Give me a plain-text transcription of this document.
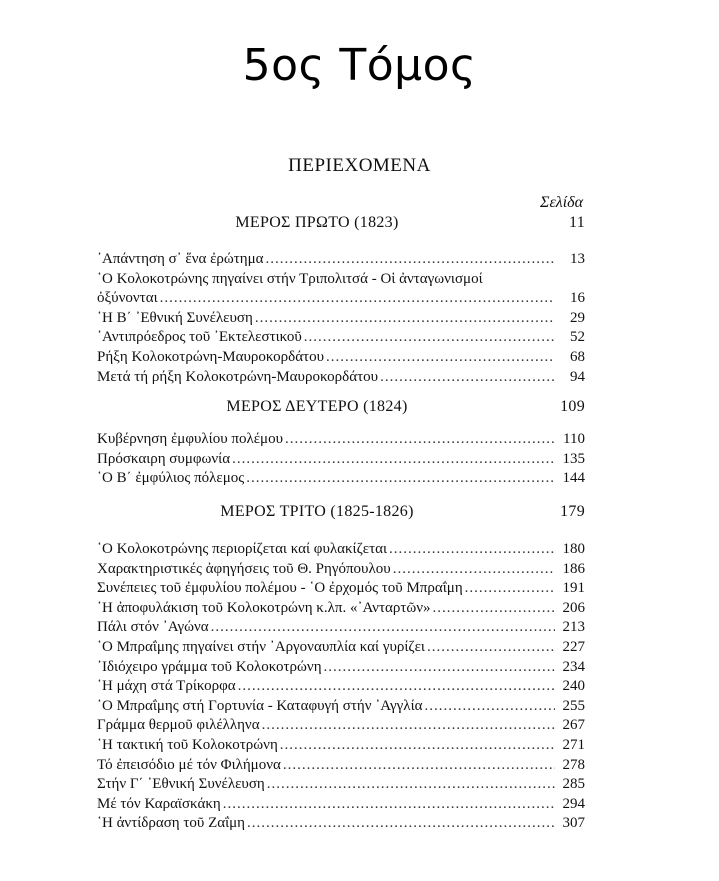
5ος Τόμος
ΠΕΡΙΕΧΟΜΕΝΑ
Σελίδα
ΜΕΡΟΣ ΠΡΩΤΟ (1823)	11
᾿Απάντηση σ᾿ ἕνα ἐρώτημα .....	13
῾Ο Κολοκοτρώνης πηγαίνει στήν Τριπολιτσά - Οἱ ἀνταγωνισμοί
ὀξύνονται .....	16
῾Η Β΄ ᾿Εθνική Συνέλευση .....	29
᾿Αντιπρόεδρος τοῦ ᾿Εκτελεστικοῦ .....	52
Ρήξη Κολοκοτρώνη-Μαυροκορδάτου .....	68
Μετά τή ρήξη Κολοκοτρώνη-Μαυροκορδάτου .....	94
ΜΕΡΟΣ ΔΕΥΤΕΡΟ (1824)	109
Κυβέρνηση ἐμφυλίου πολέμου .....	110
Πρόσκαιρη συμφωνία .....	135
῾Ο Β΄ ἐμφύλιος πόλεμος .....	144
ΜΕΡΟΣ ΤΡΙΤΟ (1825-1826)	179
῾Ο Κολοκοτρώνης περιορίζεται καί φυλακίζεται .....	180
Χαρακτηριστικές ἀφηγήσεις τοῦ Θ. Ρηγόπουλου .....	186
Συνέπειες τοῦ ἐμφυλίου πολέμου - ῾Ο ἐρχομός τοῦ Μπραΐμη .....	191
῾Η ἀποφυλάκιση τοῦ Κολοκοτρώνη κ.λπ. «᾿Ανταρτῶν» .....	206
Πάλι στόν ᾿Αγώνα .....	213
῾Ο Μπραΐμης πηγαίνει στήν ᾿Αργοναυπλία καί γυρίζει .....	227
᾿Ιδιόχειρο γράμμα τοῦ Κολοκοτρώνη .....	234
῾Η μάχη στά Τρίκορφα .....	240
῾Ο Μπραΐμης στή Γορτυνία - Καταφυγή στήν ᾿Αγγλία .....	255
Γράμμα θερμοῦ φιλέλληνα .....	267
῾Η τακτική τοῦ Κολοκοτρώνη .....	271
Τό ἐπεισόδιο μέ τόν Φιλήμονα .....	278
Στήν Γ΄ ᾿Εθνική Συνέλευση .....	285
Μέ τόν Καραϊσκάκη .....	294
῾Η ἀντίδραση τοῦ Ζαΐμη .....	307
